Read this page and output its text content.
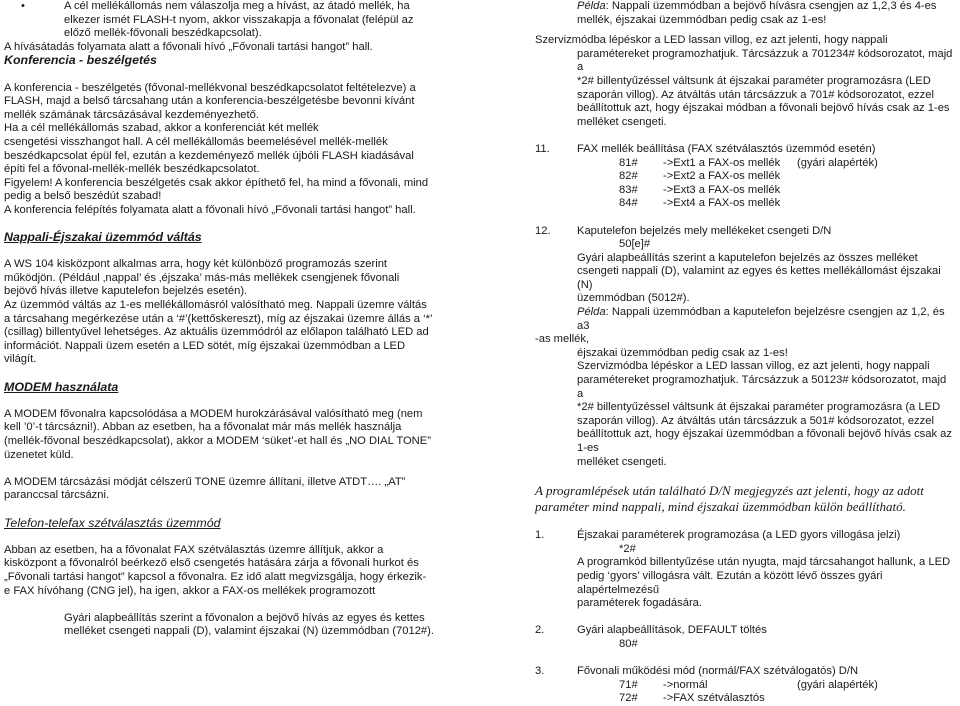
•	A cél mellékállomás nem válaszolja meg a hívást, az átadó mellék, ha

elkezer ismét FLASH-t nyom, akkor visszakapja a fővonalat (felépül az

előző mellék-fővonali beszédkapcsolat).

A hívásátadás folyamata alatt a fővonali hívó „Fővonali tartási hangot” hall.

Konferencia - beszélgetés

A konferencia - beszélgetés (fővonal-mellékvonal beszédkapcsolatot feltételezve) a

FLASH, majd a belső tárcsahang után a konferencia-beszélgetésbe bevonni kívánt

mellék számának tárcsázásával kezdeményezhető.

Ha a cél mellékállomás szabad, akkor a konferenciát két mellék

csengetési visszhangot hall. A cél mellékállomás beemelésével mellék-mellék

beszédkapcsolat épül fel, ezután a kezdeményező mellék újbóli FLASH kiadásával

építi fel a fővonal-mellék-mellék beszédkapcsolatot.

Figyelem! A konferencia beszélgetés csak akkor építhető fel, ha mind a fővonali, mind

pedig a belső beszédút szabad!

A konferencia felépítés folyamata alatt a fővonali hívó „Fővonali tartási hangot” hall.

Nappali-Éjszakai üzemmód váltás

A WS 104 kisközpont alkalmas arra, hogy két különböző programozás szerint

működjön. (Például ‚nappal’ és ‚éjszaka’ más-más mellékek csengjenek fővonali

bejövő hívás illetve kaputelefon bejelzés esetén).

Az üzemmód váltás az 1-es mellékállomásról valósítható meg. Nappali üzemre váltás

a tárcsahang megérkezése után a ‘#’(kettőskereszt), míg az éjszakai üzemre állás a ‘*’

(csillag) billentyűvel lehetséges. Az aktuális üzemmódról az előlapon található LED ad

információt. Nappali üzem esetén a LED sötét, míg éjszakai üzemmódban a LED

világít.

MODEM használata

A MODEM fővonalra kapcsolódása a MODEM hurokzárásával valósítható meg (nem

kell ’0’-t tárcsázni!). Abban az esetben, ha a fővonalat már más mellék használja

(mellék-fővonal beszédkapcsolat), akkor a MODEM ‘süket’-et hall és „NO DIAL TONE”

üzenetet küld.

A MODEM tárcsázási módját célszerű TONE üzemre állítani, illetve ATDT…. „AT”

paranccsal tárcsázni.

Telefon-telefax szétválasztás üzemmód

Abban az esetben, ha a fővonalat FAX szétválasztás üzemre állítjuk, akkor a

kisközpont a fővonalról beérkező első csengetés hatására zárja a fővonali hurkot és

„Fővonali tartási hangot” kapcsol a fővonalra. Ez idő alatt megvizsgálja, hogy érkezik-

e FAX hívóhang (CNG jel), ha igen, akkor a FAX-os mellékek programozott

Gyári alapbeállítás szerint a fővonalon a bejövő hívás az egyes és kettes

melléket csengeti nappali (D), valamint éjszakai (N) üzemmódban (7012#).

Példa: Nappali üzemmódban a bejövő hívásra csengjen az 1,2,3 és 4-es

mellék, éjszakai üzemmódban pedig csak az 1-es!

Szervizmódba lépéskor a LED lassan villog, ez azt jelenti, hogy nappali

paramétereket programozhatjuk. Tárcsázzuk a 701234# kódsorozatot, majd a

*2# billentyűzéssel váltsunk át éjszakai paraméter programozásra (LED

szaporán villog). Az átváltás után tárcsázzuk a 701# kódsorozatot, ezzel

beállítottuk azt, hogy éjszakai módban a fővonali bejövő hívás csak az 1-es

melléket csengeti.

11. FAX mellék beállítása (FAX szétválasztós üzemmód esetén)

81#	->Ext1 a FAX-os mellék	(gyári alapérték)
82#	->Ext2 a FAX-os mellék
83#	->Ext3 a FAX-os mellék
84#	->Ext4 a FAX-os mellék
12. Kaputelefon bejelzés mely mellékeket csengeti D/N

50[e]#

Gyári alapbeállítás szerint a kaputelefon bejelzés az összes melléket

csengeti nappali (D), valamint az egyes és kettes mellékállomást éjszakai (N)

üzemmódban (5012#).

Példa: Nappali üzemmódban a kaputelefon bejelzésre csengjen az 1,2, és a3

-as mellék,

éjszakai üzemmódban pedig csak az 1-es!

Szervizmódba lépéskor a LED lassan villog, ez azt jelenti, hogy nappali

paramétereket programozhatjuk. Tárcsázzuk a 50123# kódsorozatot, majd a

*2# billentyűzéssel váltsunk át éjszakai paraméter programozásra (a LED

szaporán villog). Az átváltás után tárcsázzuk a 501# kódsorozatot, ezzel

beállítottuk azt, hogy éjszakai üzemmódban a fővonali bejövő hívás csak az 1-es

melléket csengeti.

A programlépések után található D/N megjegyzés azt jelenti, hogy az adott

paraméter mind nappali, mind éjszakai üzemmódban külön beállítható.

1.	Éjszakai paraméterek programozása (a LED gyors villogása jelzi)

*2#

A programkód billentyűzése után nyugta, majd tárcsahangot hallunk, a LED

pedig ‘gyors’ villogásra vált. Ezután a között lévő összes gyári alapértelmezésű

paraméterek fogadására.

2.	Gyári alapbeállítások, DEFAULT töltés

80#

3.	Fővonali működési mód (normál/FAX szétválogatós) D/N

71#	->normál	(gyári alapérték)
72#	->FAX szétválasztós
